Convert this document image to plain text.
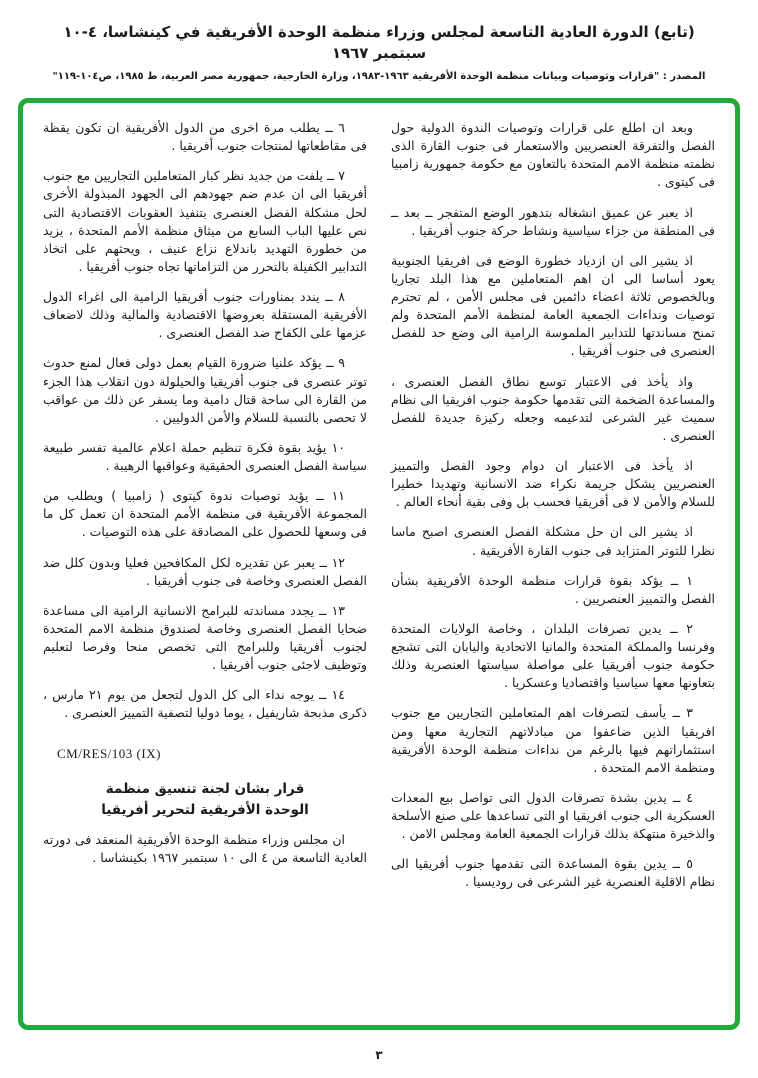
(تابع) الدورة العادية التاسعة لمجلس وزراء منظمة الوحدة الأفريقية في كينشاسا، ٤-١٠ سبتمبر ١٩٦٧
المصدر : "قرارات وتوصيات وبيانات منظمة الوحدة الأفريقية ١٩٦٣-١٩٨٣، وزارة الخارجية، جمهورية مصر العربية، ط ١٩٨٥، ص١٠٤-١١٩"

وبعد ان اطلع على قرارات وتوصيات الندوة الدولية حول الفصل والتفرقة العنصريين والاستعمار فى جنوب القارة الذى نظمته منظمة الامم المتحدة بالتعاون مع حكومة جمهورية زامبيا فى كيتوى .

اذ يعبر عن عميق انشغاله بتدهور الوضع المتفجر ــ بعد ــ فى المنطقة من جزاء سياسية ونشاط حركة جنوب أفريقيا .

اذ يشير الى ان ازدياد خطورة الوضع فى افريقيا الجنوبية يعود أساسا الى ان اهم المتعاملين مع هذا البلد تجاريا وبالخصوص ثلاثة اعضاء دائمين فى مجلس الأمن ، لم تحترم توصيات ونداءات الجمعية العامة لمنظمة الأمم المتحدة ولم تمنح مساندتها للتدابير الملموسة الرامية الى وضع حد للفصل العنصرى فى جنوب أفريقيا .

واذ يأخذ فى الاعتبار توسع نطاق الفصل العنصرى ، والمساعدة الضخمة التى تقدمها حكومة جنوب افريقيا الى نظام سميث غير الشرعى لتدعيمه وجعله ركيزة جديدة للفصل العنصرى .

اذ يأخذ فى الاعتبار ان دوام وجود الفصل والتمييز العنصريين يشكل جريمة نكراء ضد الانسانية وتهديدا خطيرا للسلام والأمن لا فى أفريقيا فحسب بل وفى بقية أنحاء العالم .

اذ يشير الى ان حل مشكلة الفصل العنصرى اصبح ماسا نظرا للتوتر المتزايد فى جنوب القارة الأفريقية .

١ ــ يؤكد بقوة قرارات منظمة الوحدة الأفريقية بشأن الفصل والتمييز العنصريين .

٢ ــ يدين تصرفات البلدان ، وخاصة الولايات المتحدة وفرنسا والمملكة المتحدة والمانيا الاتحادية واليابان التى تشجع حكومة جنوب أفريقيا على مواصلة سياستها العنصرية وذلك بتعاونها معها سياسيا واقتصاديا وعسكريا .

٣ ــ يأسف لتصرفات اهم المتعاملين التجاريين مع جنوب افريقيا الذين ضاعفوا من مبادلاتهم التجارية معها ومن استثماراتهم فيها بالرغم من نداءات منظمة الوحدة الأفريقية ومنظمة الامم المتحدة .

٤ ــ يدين بشدة تصرفات الدول التى تواصل بيع المعدات العسكرية الى جنوب افريقيا او التى تساعدها على صنع الأسلحة والذخيرة منتهكة بذلك قرارات الجمعية العامة ومجلس الامن .

٥ ــ يدين بقوة المساعدة التى تقدمها جنوب أفريقيا الى نظام الاقلية العنصرية غير الشرعى فى روديسيا .

٦ ــ يطلب مرة اخرى من الدول الأفريقية ان تكون يقظة فى مقاطعاتها لمنتجات جنوب أفريقيا .

٧ ــ يلفت من جديد نظر كبار المتعاملين التجاريين مع جنوب أفريقيا الى ان عدم ضم جهودهم الى الجهود المبذولة الأخرى لحل مشكلة الفصل العنصرى بتنفيذ العقوبات الاقتصادية التى نص عليها الباب السابع من ميثاق منظمة الأمم المتحدة ، يزيد من خطورة التهديد باندلاع نزاع عنيف ، ويحثهم على اتخاذ التدابير الكفيلة بالتحرر من التزاماتها تجاه جنوب أفريقيا .

٨ ــ يندد بمناورات جنوب أفريقيا الرامية الى اغراء الدول الأفريقية المستقلة بعروضها الاقتصادية والمالية وذلك لاضعاف عزمها على الكفاح ضد الفصل العنصرى .

٩ ــ يؤكد علنيا ضرورة القيام بعمل دولى فعال لمنع حدوث توتر عنصرى فى جنوب أفريقيا والحيلولة دون انقلاب هذا الجزء من القارة الى ساحة قتال دامية وما يسفر عن ذلك من عواقب لا تحصى بالنسبة للسلام والأمن الدوليين .

١٠ يؤيد بقوة فكرة تنظيم حملة اعلام عالمية تفسر طبيعة سياسة الفصل العنصرى الحقيقية وعواقبها الرهيبة .

١١ ــ يؤيد توصيات ندوة كيتوى ( زامبيا ) ويطلب من المجموعة الأفريقية فى منظمة الأمم المتحدة ان تعمل كل ما فى وسعها للحصول على المصادقة على هذه التوصيات .

١٢ ــ يعبر عن تقديره لكل المكافحين فعليا وبدون كلل ضد الفصل العنصرى وخاصة فى جنوب أفريقيا .

١٣ ــ يجدد مساندته للبرامج الانسانية الرامية الى مساعدة ضحايا الفصل العنصرى وخاصة لصندوق منظمة الامم المتحدة لجنوب أفريقيا وللبرامج التى تخصص منحا وفرصا لتعليم وتوظيف لاجئى جنوب أفريقيا .

١٤ ــ يوجه نداء الى كل الدول لتجعل من يوم ٢١ مارس ، ذكرى مذبحة شاريفيل ، يوما دوليا لتصفية التمييز العنصرى .

CM/RES/103 (IX)
قرار بشان لجنة تنسيق منظمة
الوحدة الأفريقية لتحرير أفريقيا

ان مجلس وزراء منظمة الوحدة الأفريقية المنعقد فى دورته العادية التاسعة من ٤ الى ١٠ سبتمبر ١٩٦٧ بكينشاسا .

٣
